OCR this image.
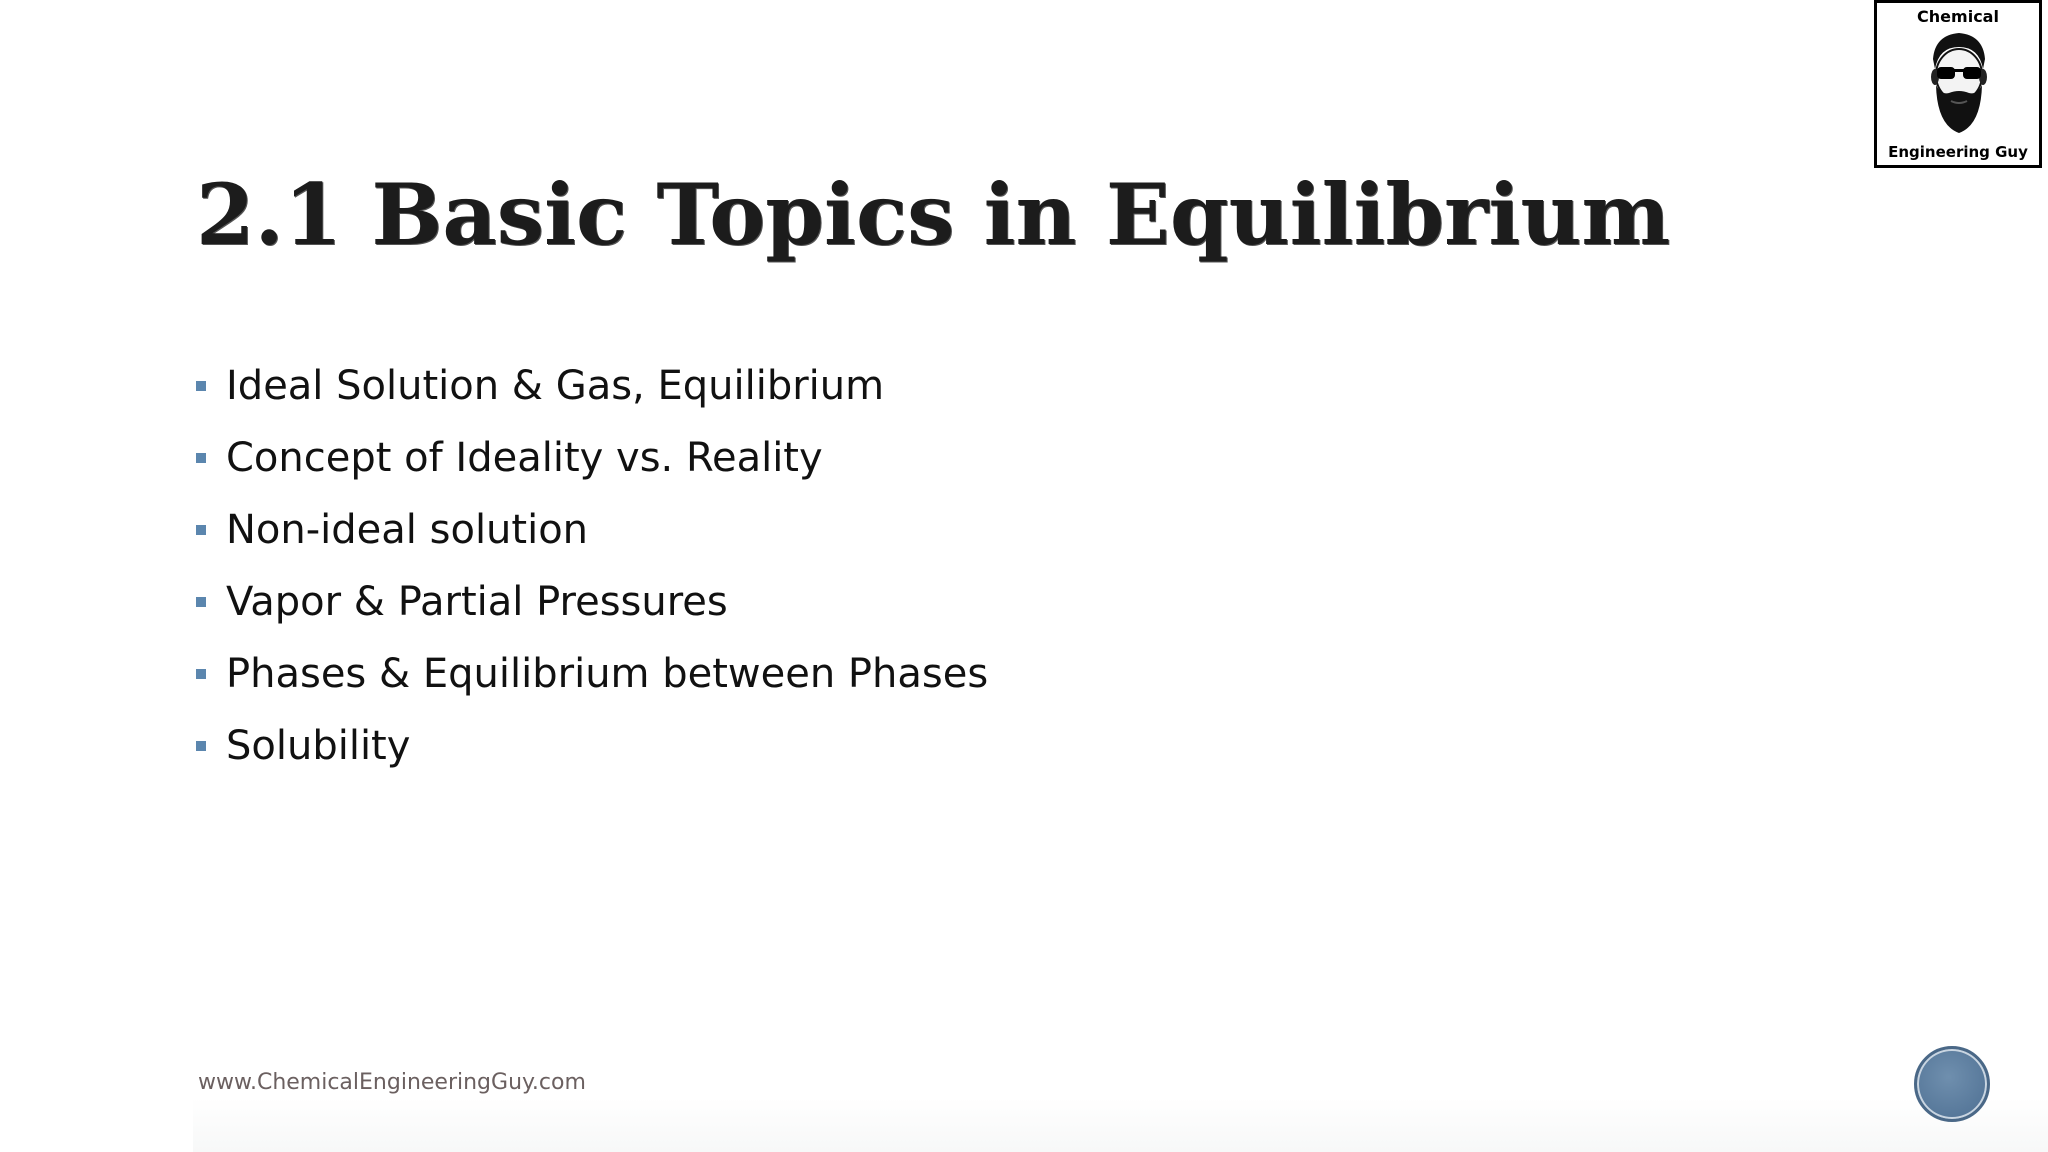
2.1 Basic Topics in Equilibrium
Ideal Solution & Gas, Equilibrium
Concept of Ideality vs. Reality
Non-ideal solution
Vapor & Partial Pressures
Phases & Equilibrium between Phases
Solubility
www.ChemicalEngineeringGuy.com
Chemical
Engineering Guy
